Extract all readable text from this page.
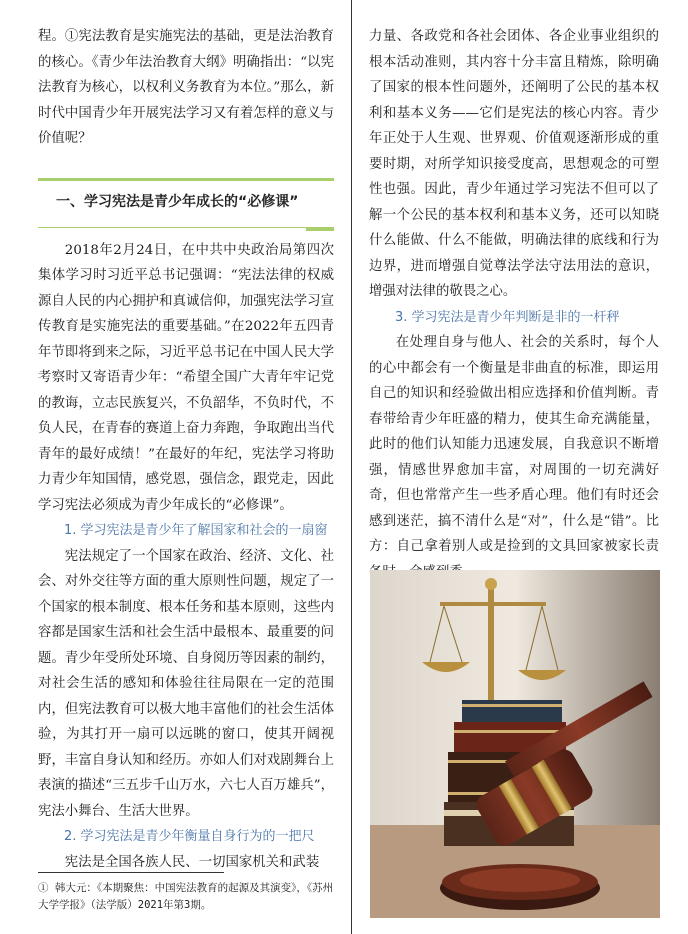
程。①宪法教育是实施宪法的基础，更是法治教育的核心。《青少年法治教育大纲》明确指出：“以宪法教育为核心，以权利义务教育为本位。”那么，新时代中国青少年开展宪法学习又有着怎样的意义与价值呢？

一、学习宪法是青少年成长的“必修课”

2018年2月24日，在中共中央政治局第四次集体学习时习近平总书记强调：“宪法法律的权威源自人民的内心拥护和真诚信仰，加强宪法学习宣传教育是实施宪法的重要基础。”在2022年五四青年节即将到来之际，习近平总书记在中国人民大学考察时又寄语青少年：“希望全国广大青年牢记党的教诲，立志民族复兴，不负韶华，不负时代，不负人民，在青春的赛道上奋力奔跑，争取跑出当代青年的最好成绩！”在最好的年纪，宪法学习将助力青少年知国情，感党恩，强信念，跟党走，因此学习宪法必须成为青少年成长的“必修课”。

1. 学习宪法是青少年了解国家和社会的一扇窗

宪法规定了一个国家在政治、经济、文化、社会、对外交往等方面的重大原则性问题，规定了一个国家的根本制度、根本任务和基本原则，这些内容都是国家生活和社会生活中最根本、最重要的问题。青少年受所处环境、自身阅历等因素的制约，对社会生活的感知和体验往往局限在一定的范围内，但宪法教育可以极大地丰富他们的社会生活体验，为其打开一扇可以远眺的窗口，使其开阔视野，丰富自身认知和经历。亦如人们对戏剧舞台上表演的描述“三五步千山万水，六七人百万雄兵”，宪法小舞台、生活大世界。

2. 学习宪法是青少年衡量自身行为的一把尺

宪法是全国各族人民、一切国家机关和武装

力量、各政党和各社会团体、各企业事业组织的根本活动准则，其内容十分丰富且精炼，除明确了国家的根本性问题外，还阐明了公民的基本权利和基本义务——它们是宪法的核心内容。青少年正处于人生观、世界观、价值观逐渐形成的重要时期，对所学知识接受度高，思想观念的可塑性也强。因此，青少年通过学习宪法不但可以了解一个公民的基本权利和基本义务，还可以知晓什么能做、什么不能做，明确法律的底线和行为边界，进而增强自觉尊法学法守法用法的意识，增强对法律的敬畏之心。

3. 学习宪法是青少年判断是非的一杆秤

在处理自身与他人、社会的关系时，每个人的心中都会有一个衡量是非曲直的标准，即运用自己的知识和经验做出相应选择和价值判断。青春带给青少年旺盛的精力，使其生命充满能量，此时的他们认知能力迅速发展，自我意识不断增强，情感世界愈加丰富，对周围的一切充满好奇，但也常常产生一些矛盾心理。他们有时还会感到迷茫，搞不清什么是“对”，什么是“错”。比方：自己拿着别人或是捡到的文具回家被家长责

① 韩大元：《本期聚焦：中国宪法教育的起源及其演变》，《苏州大学学报》（法学版）2021年第3期。
